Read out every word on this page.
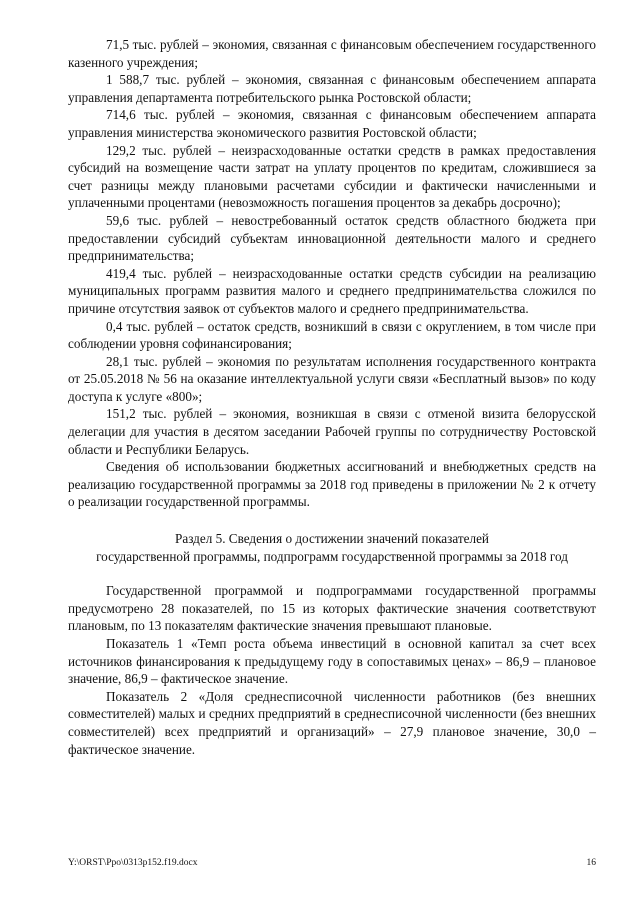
71,5 тыс. рублей – экономия, связанная с финансовым обеспечением государственного казенного учреждения;

1 588,7 тыс. рублей – экономия, связанная с финансовым обеспечением аппарата управления департамента потребительского рынка Ростовской области;

714,6 тыс. рублей – экономия, связанная с финансовым обеспечением аппарата управления министерства экономического развития Ростовской области;

129,2 тыс. рублей – неизрасходованные остатки средств в рамках предоставления субсидий на возмещение части затрат на уплату процентов по кредитам, сложившиеся за счет разницы между плановыми расчетами субсидии и фактически начисленными и уплаченными процентами (невозможность погашения процентов за декабрь досрочно);

59,6 тыс. рублей – невостребованный остаток средств областного бюджета при предоставлении субсидий субъектам инновационной деятельности малого и среднего предпринимательства;

419,4 тыс. рублей – неизрасходованные остатки средств субсидии на реализацию муниципальных программ развития малого и среднего предпринимательства сложился по причине отсутствия заявок от субъектов малого и среднего предпринимательства.

0,4 тыс. рублей – остаток средств, возникший в связи с округлением, в том числе при соблюдении уровня софинансирования;

28,1 тыс. рублей – экономия по результатам исполнения государственного контракта от 25.05.2018 № 56 на оказание интеллектуальной услуги связи «Бесплатный вызов» по коду доступа к услуге «800»;

151,2 тыс. рублей – экономия, возникшая в связи с отменой визита белорусской делегации для участия в десятом заседании Рабочей группы по сотрудничеству Ростовской области и Республики Беларусь.

Сведения об использовании бюджетных ассигнований и внебюджетных средств на реализацию государственной программы за 2018 год приведены в приложении № 2 к отчету о реализации государственной программы.

Раздел 5. Сведения о достижении значений показателей
государственной программы, подпрограмм государственной программы за 2018 год

Государственной программой и подпрограммами государственной программы предусмотрено 28 показателей, по 15 из которых фактические значения соответствуют плановым, по 13 показателям фактические значения превышают плановые.

Показатель 1 «Темп роста объема инвестиций в основной капитал за счет всех источников финансирования к предыдущему году в сопоставимых ценах» – 86,9 – плановое значение, 86,9 – фактическое значение.

Показатель 2 «Доля среднесписочной численности работников (без внешних совместителей) малых и средних предприятий в среднесписочной численности (без внешних совместителей) всех предприятий и организаций» – 27,9 плановое значение, 30,0 – фактическое значение.

Y:\ORST\Ppo\0313p152.f19.docx	16
